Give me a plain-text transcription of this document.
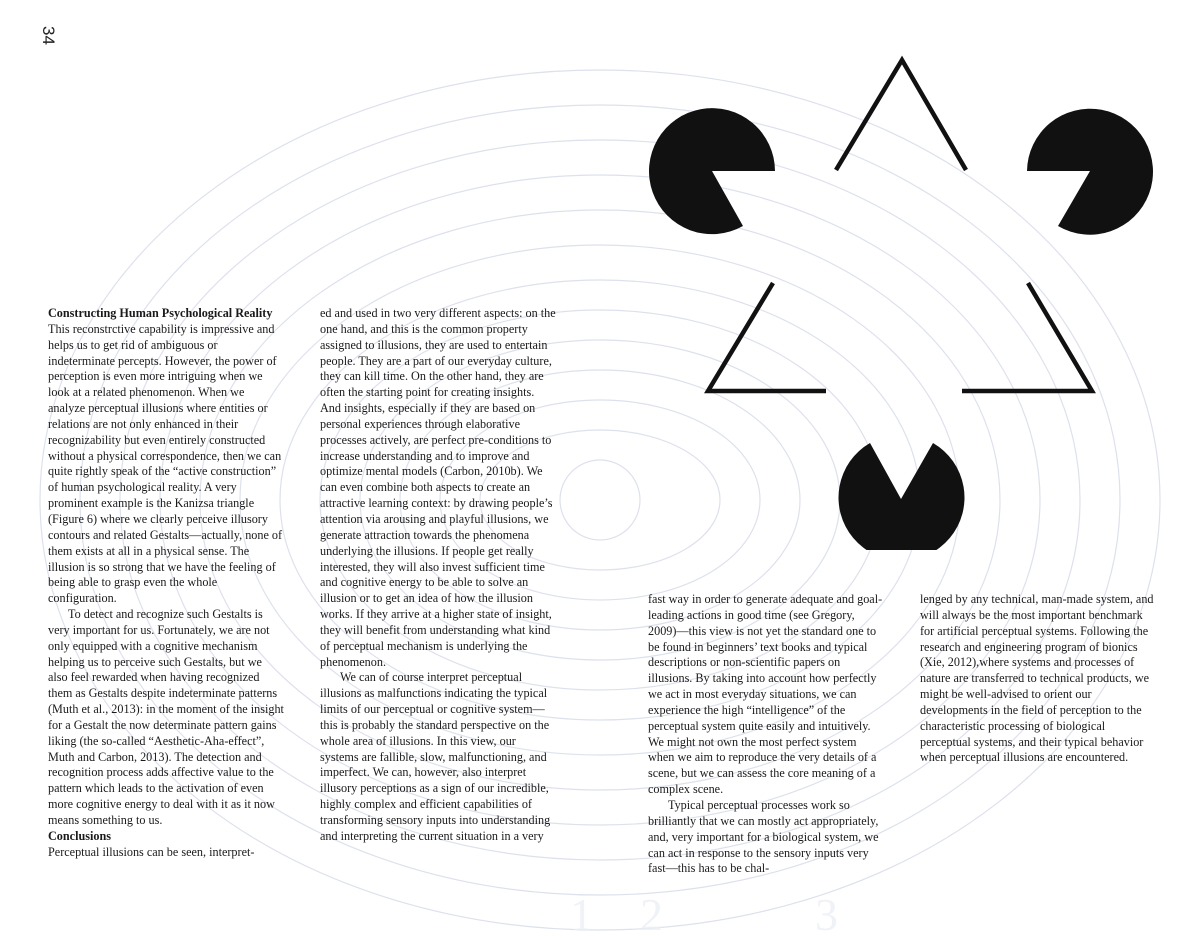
1 2	3
34

Constructing Human Psychological Reality

This reconstrctive capability is impressive and helps us to get rid of ambiguous or indeterminate percepts. However, the power of perception is even more intriguing when we look at a related phenomenon. When we analyze perceptual illusions where entities or relations are not only enhanced in their recognizability but even entirely constructed without a physical correspondence, then we can quite rightly speak of the “active construction” of human psychological reality. A very prominent example is the Kanizsa triangle (Figure 6) where we clearly perceive illusory contours and related Gestalts—actually, none of them exists at all in a physical sense. The illusion is so strong that we have the feeling of being able to grasp even the whole configuration.

To detect and recognize such Gestalts is very important for us. Fortunately, we are not only equipped with a cognitive mechanism helping us to perceive such Gestalts, but we also feel rewarded when having recognized them as Gestalts despite indeterminate patterns (Muth et al., 2013): in the moment of the insight for a Gestalt the now determinate pattern gains liking (the so-called “Aesthetic-Aha-effect”, Muth and Carbon, 2013). The detection and recognition process adds affective value to the pattern which leads to the activation of even more cognitive energy to deal with it as it now means something to us.

Conclusions

Perceptual illusions can be seen, interpret-

ed and used in two very different aspects: on the one hand, and this is the common property assigned to illusions, they are used to entertain people. They are a part of our everyday culture, they can kill time. On the other hand, they are often the starting point for creating insights. And insights, especially if they are based on personal experiences through elaborative processes actively, are perfect pre-conditions to increase understanding and to improve and optimize mental models (Carbon, 2010b). We can even combine both aspects to create an attractive learning context: by drawing people’s attention via arousing and playful illusions, we generate attraction towards the phenomena underlying the illusions. If people get really interested, they will also invest sufficient time and cognitive energy to be able to solve an illusion or to get an idea of how the illusion works. If they arrive at a higher state of insight, they will benefit from understanding what kind of perceptual mechanism is underlying the phenomenon.

We can of course interpret perceptual illusions as malfunctions indicating the typical limits of our perceptual or cognitive system—this is probably the standard perspective on the whole area of illusions. In this view, our systems are fallible, slow, malfunctioning, and imperfect. We can, however, also interpret illusory perceptions as a sign of our incredible, highly complex and efficient capabilities of transforming sensory inputs into understanding and interpreting the current situation in a very

fast way in order to generate adequate and goal-leading actions in good time (see Gregory, 2009)—this view is not yet the standard one to be found in beginners’ text books and typical descriptions or non-scientific papers on illusions. By taking into account how perfectly we act in most everyday situations, we can experience the high “intelligence” of the perceptual system quite easily and intuitively. We might not own the most perfect system when we aim to reproduce the very details of a scene, but we can assess the core meaning of a complex scene.

Typical perceptual processes work so brilliantly that we can mostly act appropriately, and, very important for a biological system, we can act in response to the sensory inputs very fast—this has to be chal-

lenged by any technical, man-made system, and will always be the most important benchmark for artificial perceptual systems. Following the research and engineering program of bionics (Xie, 2012),where systems and processes of nature are transferred to technical products, we might be well-advised to orient our developments in the field of perception to the characteristic processing of biological perceptual systems, and their typical behavior when perceptual illusions are encountered.
